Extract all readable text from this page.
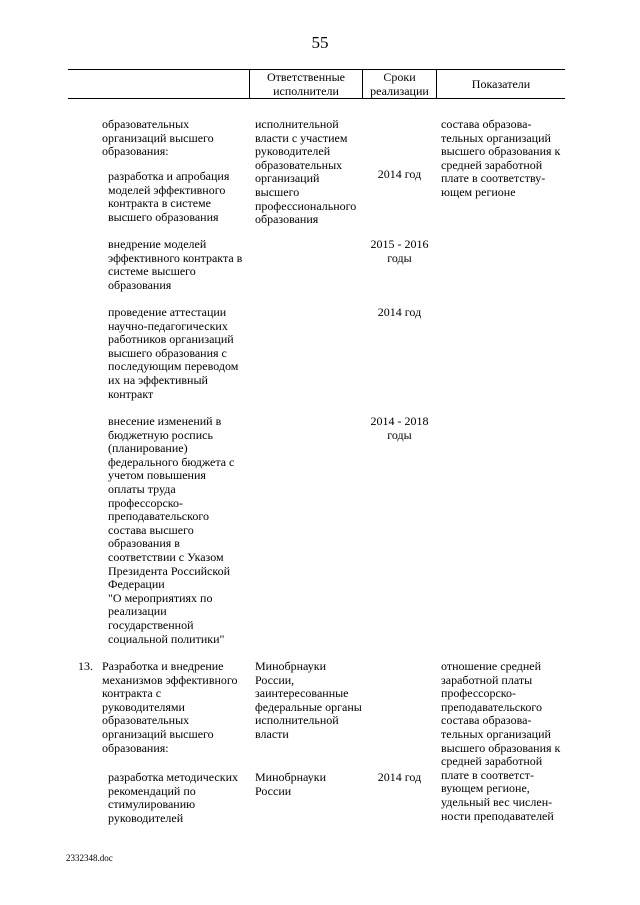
55
Ответственные
исполнители
Сроки
реализации	Показатели
образовательных
организаций высшего
образования:
исполнительной
власти с участием
руководителей
образовательных
организаций
высшего
профессионального
образования
состава образова-
тельных организаций
высшего образования к
средней заработной
плате в соответству-
ющем регионе
разработка и апробация
моделей эффективного
контракта в системе
высшего образования
2014 год
внедрение моделей
эффективного контракта в
системе высшего
образования
2015 - 2016
годы
проведение аттестации
научно-педагогических
работников организаций
высшего образования с
последующим переводом
их на эффективный
контракт
2014 год
внесение изменений в
бюджетную роспись
(планирование)
федерального бюджета с
учетом повышения
оплаты труда
профессорско-
преподавательского
состава высшего
образования в
соответствии с Указом
Президента Российской
Федерации
"О мероприятиях по
реализации
государственной
социальной политики"
2014 - 2018
годы
13. Разработка и внедрение
механизмов эффективного
контракта с
руководителями
образовательных
организаций высшего
образования:
Минобрнауки
России,
заинтересованные
федеральные органы
исполнительной
власти
отношение средней
заработной платы
профессорско-
преподавательского
состава образова-
тельных организаций
высшего образования к
средней заработной
плате в соответст-
вующем регионе,
удельный вес числен-
ности преподавателей
разработка методических
рекомендаций по
стимулированию
руководителей
Минобрнауки России
2014 год
2332348.doc
